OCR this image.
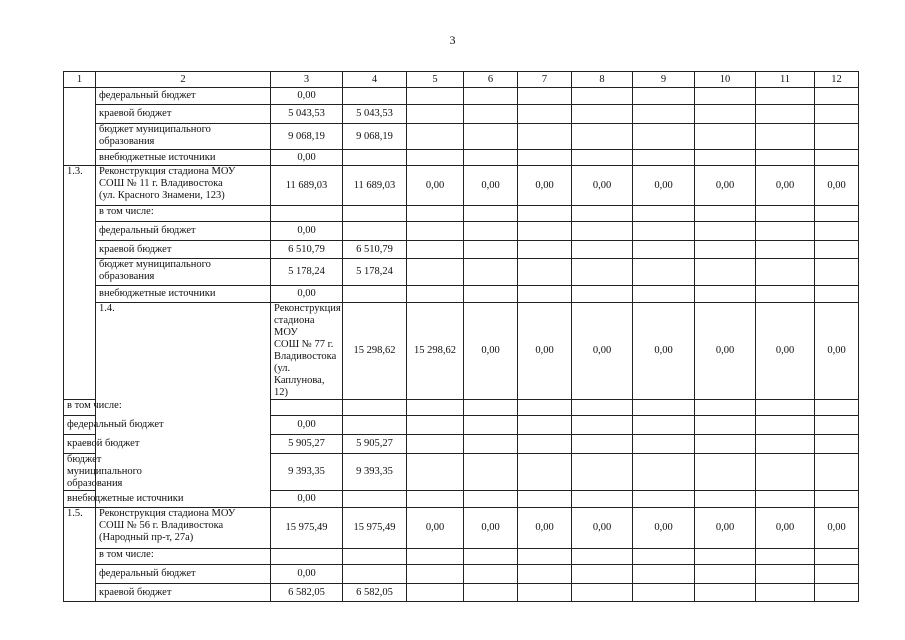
3
1	2	3	4	5	6	7	8	9	10	11	12	
	федеральный бюджет	0,00										
	краевой бюджет	5 043,53	5 043,53									
	бюджет муниципального
образования	9 068,19	9 068,19									
	внебюджетные источники	0,00										
1.3.	Реконструкция стадиона МОУ
СОШ № 11 г. Владивостока
(ул. Красного Знамени, 123)	11 689,03	11 689,03	0,00	0,00	0,00	0,00	0,00	0,00	0,00	0,00	
	в том числе:											
	федеральный бюджет	0,00										
	краевой бюджет	6 510,79	6 510,79									
	бюджет муниципального
образования	5 178,24	5 178,24									
	внебюджетные источники	0,00										
	1.4.	Реконструкция стадиона МОУ
СОШ № 77 г. Владивостока
(ул. Каплунова, 12)	15 298,62	15 298,62	0,00	0,00	0,00	0,00	0,00	0,00	0,00	
в том числе:												
федеральный бюджет		0,00										
краевой бюджет		5 905,27	5 905,27									
бюджет муниципального
образования		9 393,35	9 393,35									
внебюджетные источники		0,00										
1.5.	Реконструкция стадиона МОУ
СОШ № 56 г. Владивостока
(Народный пр-т, 27а)	15 975,49	15 975,49	0,00	0,00	0,00	0,00	0,00	0,00	0,00	0,00	
	в том числе:											
	федеральный бюджет	0,00										
	краевой бюджет	6 582,05	6 582,05									
